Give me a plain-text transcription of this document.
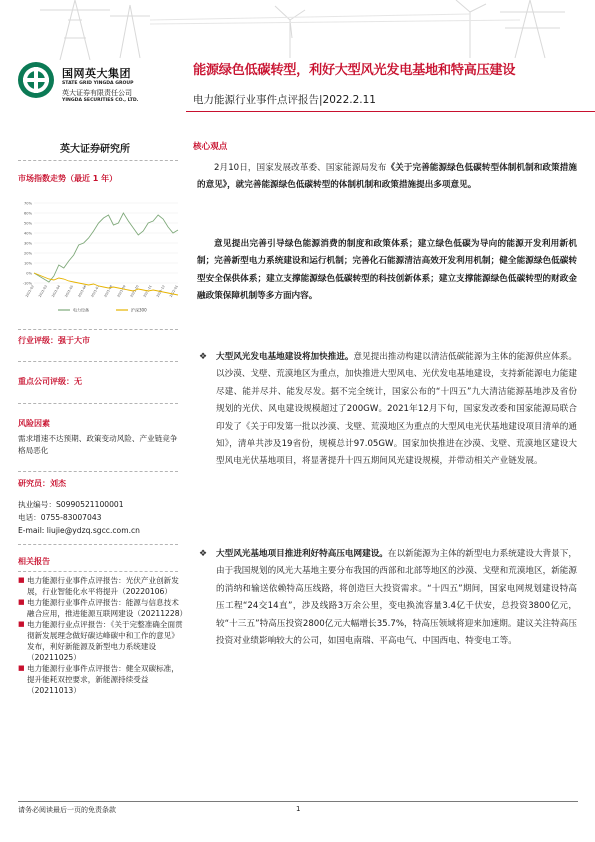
国网英大集团
STATE GRID YINGDA GROUP
英大证券有限责任公司
YINGDA SECURITIES CO., LTD.
能源绿色低碳转型，利好大型风光发电基地和特高压建设
电力能源行业事件点评报告|2022.2.11
英大证券研究所
市场指数走势（最近 1 年）
-10%
0%
10%
20%
30%
40%
50%
60%
70%
2021-02 2021-03 2021-04 2021-05 2021-06 2021-07 2021-08 2021-09 2021-10 2021-11 2021-12 2022-01
电力设备	沪深300
行业评级：强于大市
重点公司评级：无
风险因素
需求增速不达预期、政策变动风险、产业链竞争格局恶化
研究员：刘杰
执业编号：S0990521100001
电话：0755-83007043
E-mail: liujie@ydzq.sgcc.com.cn
相关报告
■ 电力能源行业事件点评报告：光伏产业创新发展，行业智能化水平将提升（20220106）
■ 电力能源行业事件点评报告：能源与信息技术融合应用，推进能源互联网建设（20211228）
■ 电力能源行业点评报告：《关于完整准确全面贯彻新发展理念做好碳达峰碳中和工作的意见》发布，利好新能源及新型电力系统建设（20211025）
■ 电力能源行业事件点评报告：健全双碳标准，提升能耗双控要求，新能源持续受益（20211013）
核心观点
2月10日，国家发展改革委、国家能源局发布《关于完善能源绿色低碳转型体制机制和政策措施的意见》，就完善能源绿色低碳转型的体制机制和政策措施提出多项意见。
意见提出完善引导绿色能源消费的制度和政策体系；建立绿色低碳为导向的能源开发利用新机制；完善新型电力系统建设和运行机制；完善化石能源清洁高效开发利用机制；健全能源绿色低碳转型安全保供体系；建立支撑能源绿色低碳转型的科技创新体系；建立支撑能源绿色低碳转型的财政金融政策保障机制等多方面内容。
❖ 大型风光发电基地建设将加快推进。意见提出推动构建以清洁低碳能源为主体的能源供应体系。以沙漠、戈壁、荒漠地区为重点，加快推进大型风电、光伏发电基地建设，支持新能源电力能建尽建、能并尽并、能发尽发。据不完全统计，国家公布的“十四五”九大清洁能源基地涉及省份规划的光伏、风电建设规模超过了200GW。2021年12月下旬，国家发改委和国家能源局联合印发了《关于印发第一批以沙漠、戈壁、荒漠地区为重点的大型风电光伏基地建设项目清单的通知》，清单共涉及19省份，规模总计97.05GW。国家加快推进在沙漠、戈壁、荒漠地区建设大型风电光伏基地项目，将显著提升十四五期间风光建设规模，并带动相关产业链发展。
❖ 大型风光基地项目推进利好特高压电网建设。在以新能源为主体的新型电力系统建设大背景下，由于我国规划的风光大基地主要分布我国的西部和北部等地区的沙漠、戈壁和荒漠地区，新能源的消纳和输送依赖特高压线路，将创造巨大投资需求。“十四五”期间，国家电网规划建设特高压工程“24交14直”，涉及线路3万余公里，变电换流容量3.4亿千伏安，总投资3800亿元，较“十三五”特高压投资2800亿元大幅增长35.7%，特高压领域将迎来加速期。建议关注特高压投资对业绩影响较大的公司，如国电南瑞、平高电气、中国西电、特变电工等。
请务必阅读最后一页的免责条款	1
